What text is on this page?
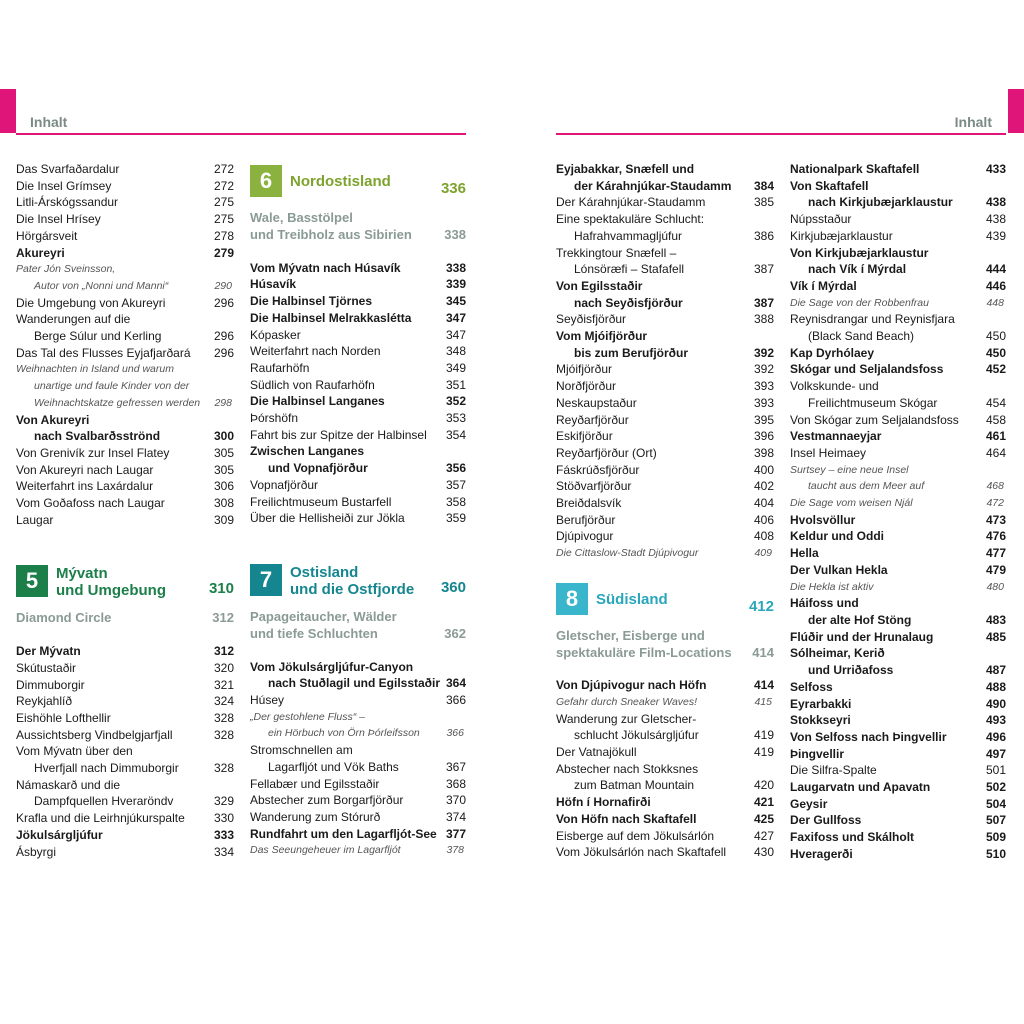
Inhalt	Inhalt
Das Svarfaðardalur	272
Die Insel Grímsey	272
Litli-Árskógssandur	275
Die Insel Hrísey	275
Hörgársveit	278
Akureyri	279
Pater Jón Sveinsson,
Autor von „Nonni und Manni“	290
Die Umgebung von Akureyri	296
Wanderungen auf die
Berge Súlur und Kerling	296
Das Tal des Flusses Eyjafjarðará	296
Weihnachten in Island und warum
unartige und faule Kinder von der
Weihnachtskatze gefressen werden	298
Von Akureyri
nach Svalbarðsströnd	300
Von Grenivík zur Insel Flatey	305
Von Akureyri nach Laugar	305
Weiterfahrt ins Laxárdalur	306
Vom Goðafoss nach Laugar	308
Laugar	309
5	Mývatn
und Umgebung	310
Diamond Circle	312
Der Mývatn	312
Skútustaðir	320
Dimmuborgir	321
Reykjahlíð	324
Eishöhle Lofthellir	328
Aussichtsberg Vindbelgjarfjall	328
Vom Mývatn über den
Hverfjall nach Dimmuborgir	328
Námaskarð und die
Dampfquellen Hveraröndv	329
Krafla und die Leirhnjúkurspalte	330
Jökulsárgljúfur	333
Ásbyrgi	334
6	Nordostisland	336
Wale, Basstölpel
und Treibholz aus Sibirien	338
Vom Mývatn nach Húsavík	338
Húsavík	339
Die Halbinsel Tjörnes	345
Die Halbinsel Melrakkaslétta	347
Kópasker	347
Weiterfahrt nach Norden	348
Raufarhöfn	349
Südlich von Raufarhöfn	351
Die Halbinsel Langanes	352
Þórshöfn	353
Fahrt bis zur Spitze der Halbinsel	354
Zwischen Langanes
und Vopnafjörður	356
Vopnafjörður	357
Freilichtmuseum Bustarfell	358
Über die Hellisheiði zur Jökla	359
7	Ostisland
und die Ostfjorde 360
Papageitaucher, Wälder
und tiefe Schluchten	362
Vom Jökulsárgljúfur-Canyon
nach Stuðlagil und Egilsstaðir 364
Húsey	366
„Der gestohlene Fluss“ –
ein Hörbuch von Örn Þórleifsson	366
Stromschnellen am
Lagarfljót und Vök Baths	367
Fellabær und Egilsstaðir	368
Abstecher zum Borgarfjörður	370
Wanderung zum Stórurð	374
Rundfahrt um den Lagarfljót-See 377
Das Seeungeheuer im Lagarfljót	378
Eyjabakkar, Snæfell und
der Kárahnjúkar-Staudamm	384
Der Kárahnjúkar-Staudamm	385
Eine spektakuläre Schlucht:
Hafrahvammagljúfur	386
Trekkingtour Snæfell –
Lónsöræfi – Stafafell	387
Von Egilsstaðir
nach Seyðisfjörður	387
Seyðisfjörður	388
Vom Mjóifjörður
bis zum Berufjörður	392
Mjóifjörður	392
Norðfjörður	393
Neskaupstaður	393
Reyðarfjörður	395
Eskifjörður	396
Reyðarfjörður (Ort)	398
Fáskrúðsfjörður	400
Stöðvarfjörður	402
Breiðdalsvík	404
Berufjörður	406
Djúpivogur	408
Die Cittaslow-Stadt Djúpivogur	409
8	Südisland	412
Gletscher, Eisberge und
spektakuläre Film-Locations	414
Von Djúpivogur nach Höfn	414
Gefahr durch Sneaker Waves!	415
Wanderung zur Gletscher-
schlucht Jökulsárgljúfur	419
Der Vatnajökull	419
Abstecher nach Stokksnes
zum Batman Mountain	420
Höfn í Hornafirði	421
Von Höfn nach Skaftafell	425
Eisberge auf dem Jökulsárlón	427
Vom Jökulsárlón nach Skaftafell	430
Nationalpark Skaftafell	433
Von Skaftafell
nach Kirkjubæjarklaustur	438
Núpsstaður	438
Kirkjubæjarklaustur	439
Von Kirkjubæjarklaustur
nach Vík í Mýrdal	444
Vík í Mýrdal	446
Die Sage von der Robbenfrau	448
Reynisdrangar und Reynisfjara
(Black Sand Beach)	450
Kap Dyrhólaey	450
Skógar und Seljalandsfoss	452
Volkskunde- und
Freilichtmuseum Skógar	454
Von Skógar zum Seljalandsfoss	458
Vestmannaeyjar	461
Insel Heimaey	464
Surtsey – eine neue Insel
taucht aus dem Meer auf	468
Die Sage vom weisen Njál	472
Hvolsvöllur	473
Keldur und Oddi	476
Hella	477
Der Vulkan Hekla	479
Die Hekla ist aktiv	480
Háifoss und
der alte Hof Stöng	483
Flúðir und der Hrunalaug	485
Sólheimar, Kerið
und Urriðafoss	487
Selfoss	488
Eyrarbakki	490
Stokkseyri	493
Von Selfoss nach Þingvellir	496
Þingvellir	497
Die Silfra-Spalte	501
Laugarvatn und Apavatn	502
Geysir	504
Der Gullfoss	507
Faxifoss und Skálholt	509
Hveragerði	510
